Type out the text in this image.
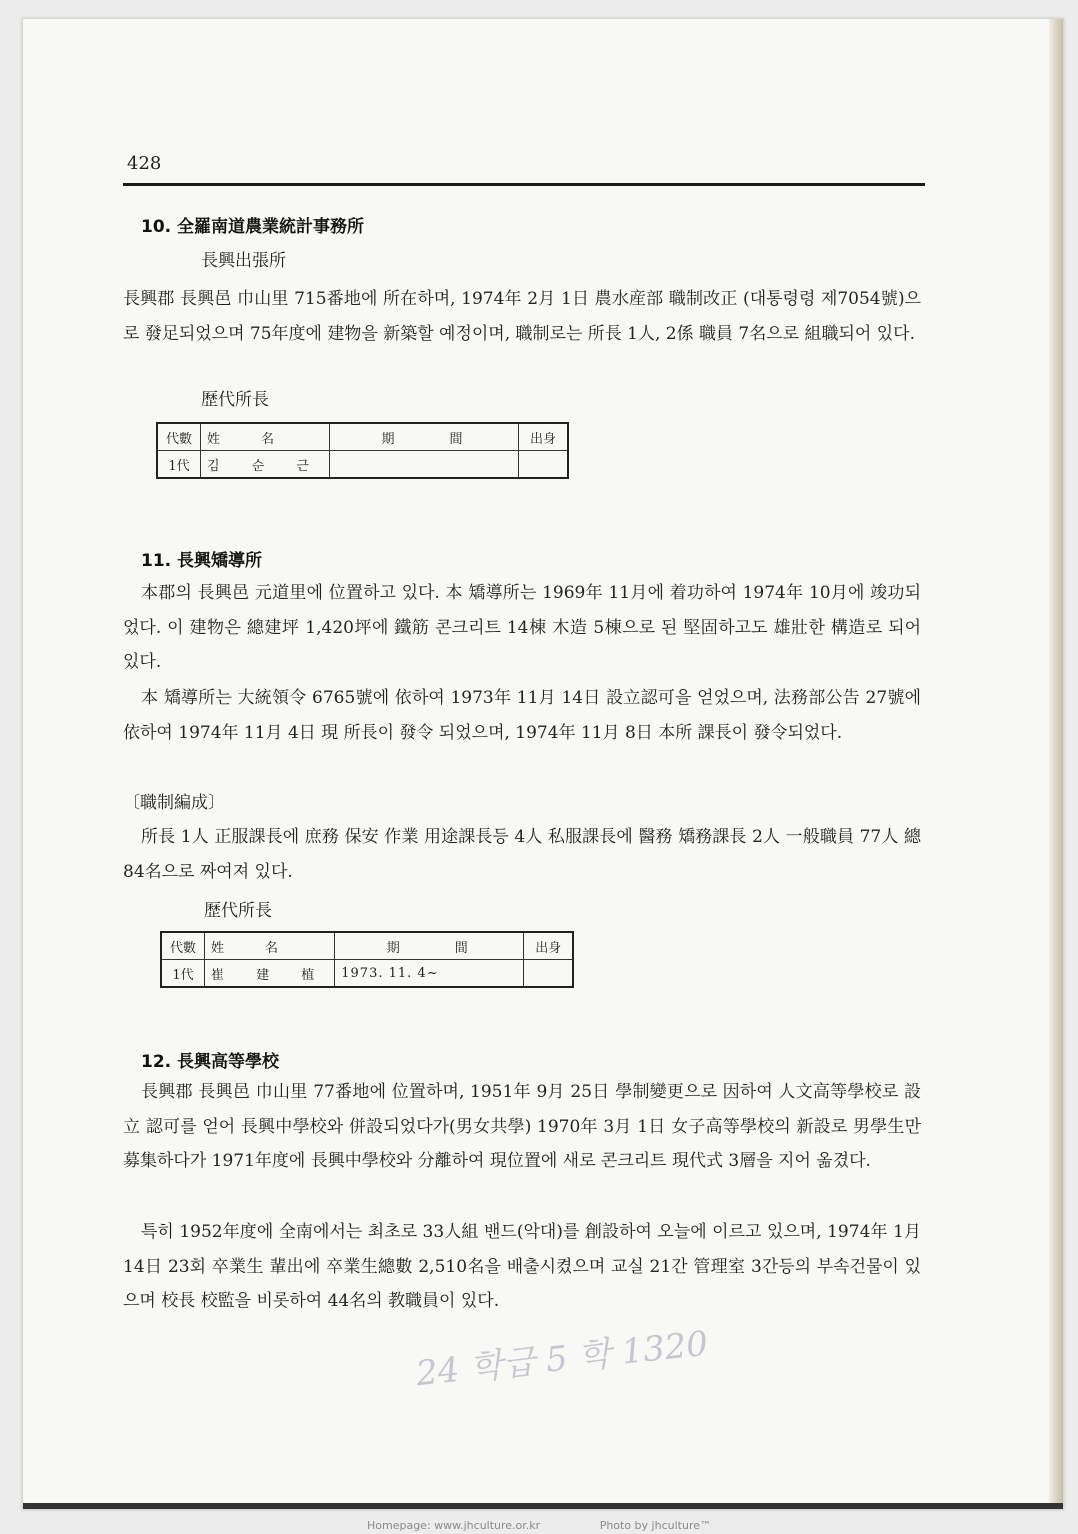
428
10. 全羅南道農業統計事務所
長興出張所

長興郡 長興邑 巾山里 715番地에 所在하며, 1974年 2月 1日 農水産部 職制改正 (대통령령 제7054號)으로 發足되었으며 75年度에 建物을 新築할 예정이며, 職制로는 所長 1人, 2係 職員 7名으로 組職되어 있다.

歷代所長
代數	姓　名	期　　　間	出身
1代	김 순 근		
11. 長興矯導所

本郡의 長興邑 元道里에 位置하고 있다. 本 矯導所는 1969年 11月에 着功하여 1974年 10月에 竣功되었다. 이 建物은 總建坪 1,420坪에 鐵筋 콘크리트 14棟 木造 5棟으로 된 堅固하고도 雄壯한 構造로 되어 있다.

本 矯導所는 大統領令 6765號에 依하여 1973年 11月 14日 設立認可을 얻었으며, 法務部公告 27號에 依하여 1974年 11月 4日 現 所長이 發令 되었으며, 1974年 11月 8日 本所 課長이 發令되었다.

〔職制編成〕

所長 1人 正服課長에 庶務 保安 作業 用途課長등 4人 私服課長에 醫務 矯務課長 2人 一般職員 77人 總 84名으로 짜여져 있다.

歷代所長
代數	姓　名	期　　　間	出身
1代	崔 建 植	1973. 11. 4~	
12. 長興高等學校

長興郡 長興邑 巾山里 77番地에 位置하며, 1951年 9月 25日 學制變更으로 因하여 人文高等學校로 設立 認可를 얻어 長興中學校와 併設되었다가(男女共學) 1970年 3月 1日 女子高等學校의 新設로 男學生만 募集하다가 1971年度에 長興中學校와 分離하여 現位置에 새로 콘크리트 現代式 3層을 지어 옮겼다.

특히 1952年度에 全南에서는 최초로 33人組 밴드(악대)를 創設하여 오늘에 이르고 있으며, 1974年 1月 14日 23회 卒業生 輩出에 卒業生總數 2,510名을 배출시켰으며 교실 21간 管理室 3간등의 부속건물이 있으며 校長 校監을 비롯하여 44名의 教職員이 있다.

24 학급 5 학 1320
Homepage: www.jhculture.or.kr	Photo by jhculture™
